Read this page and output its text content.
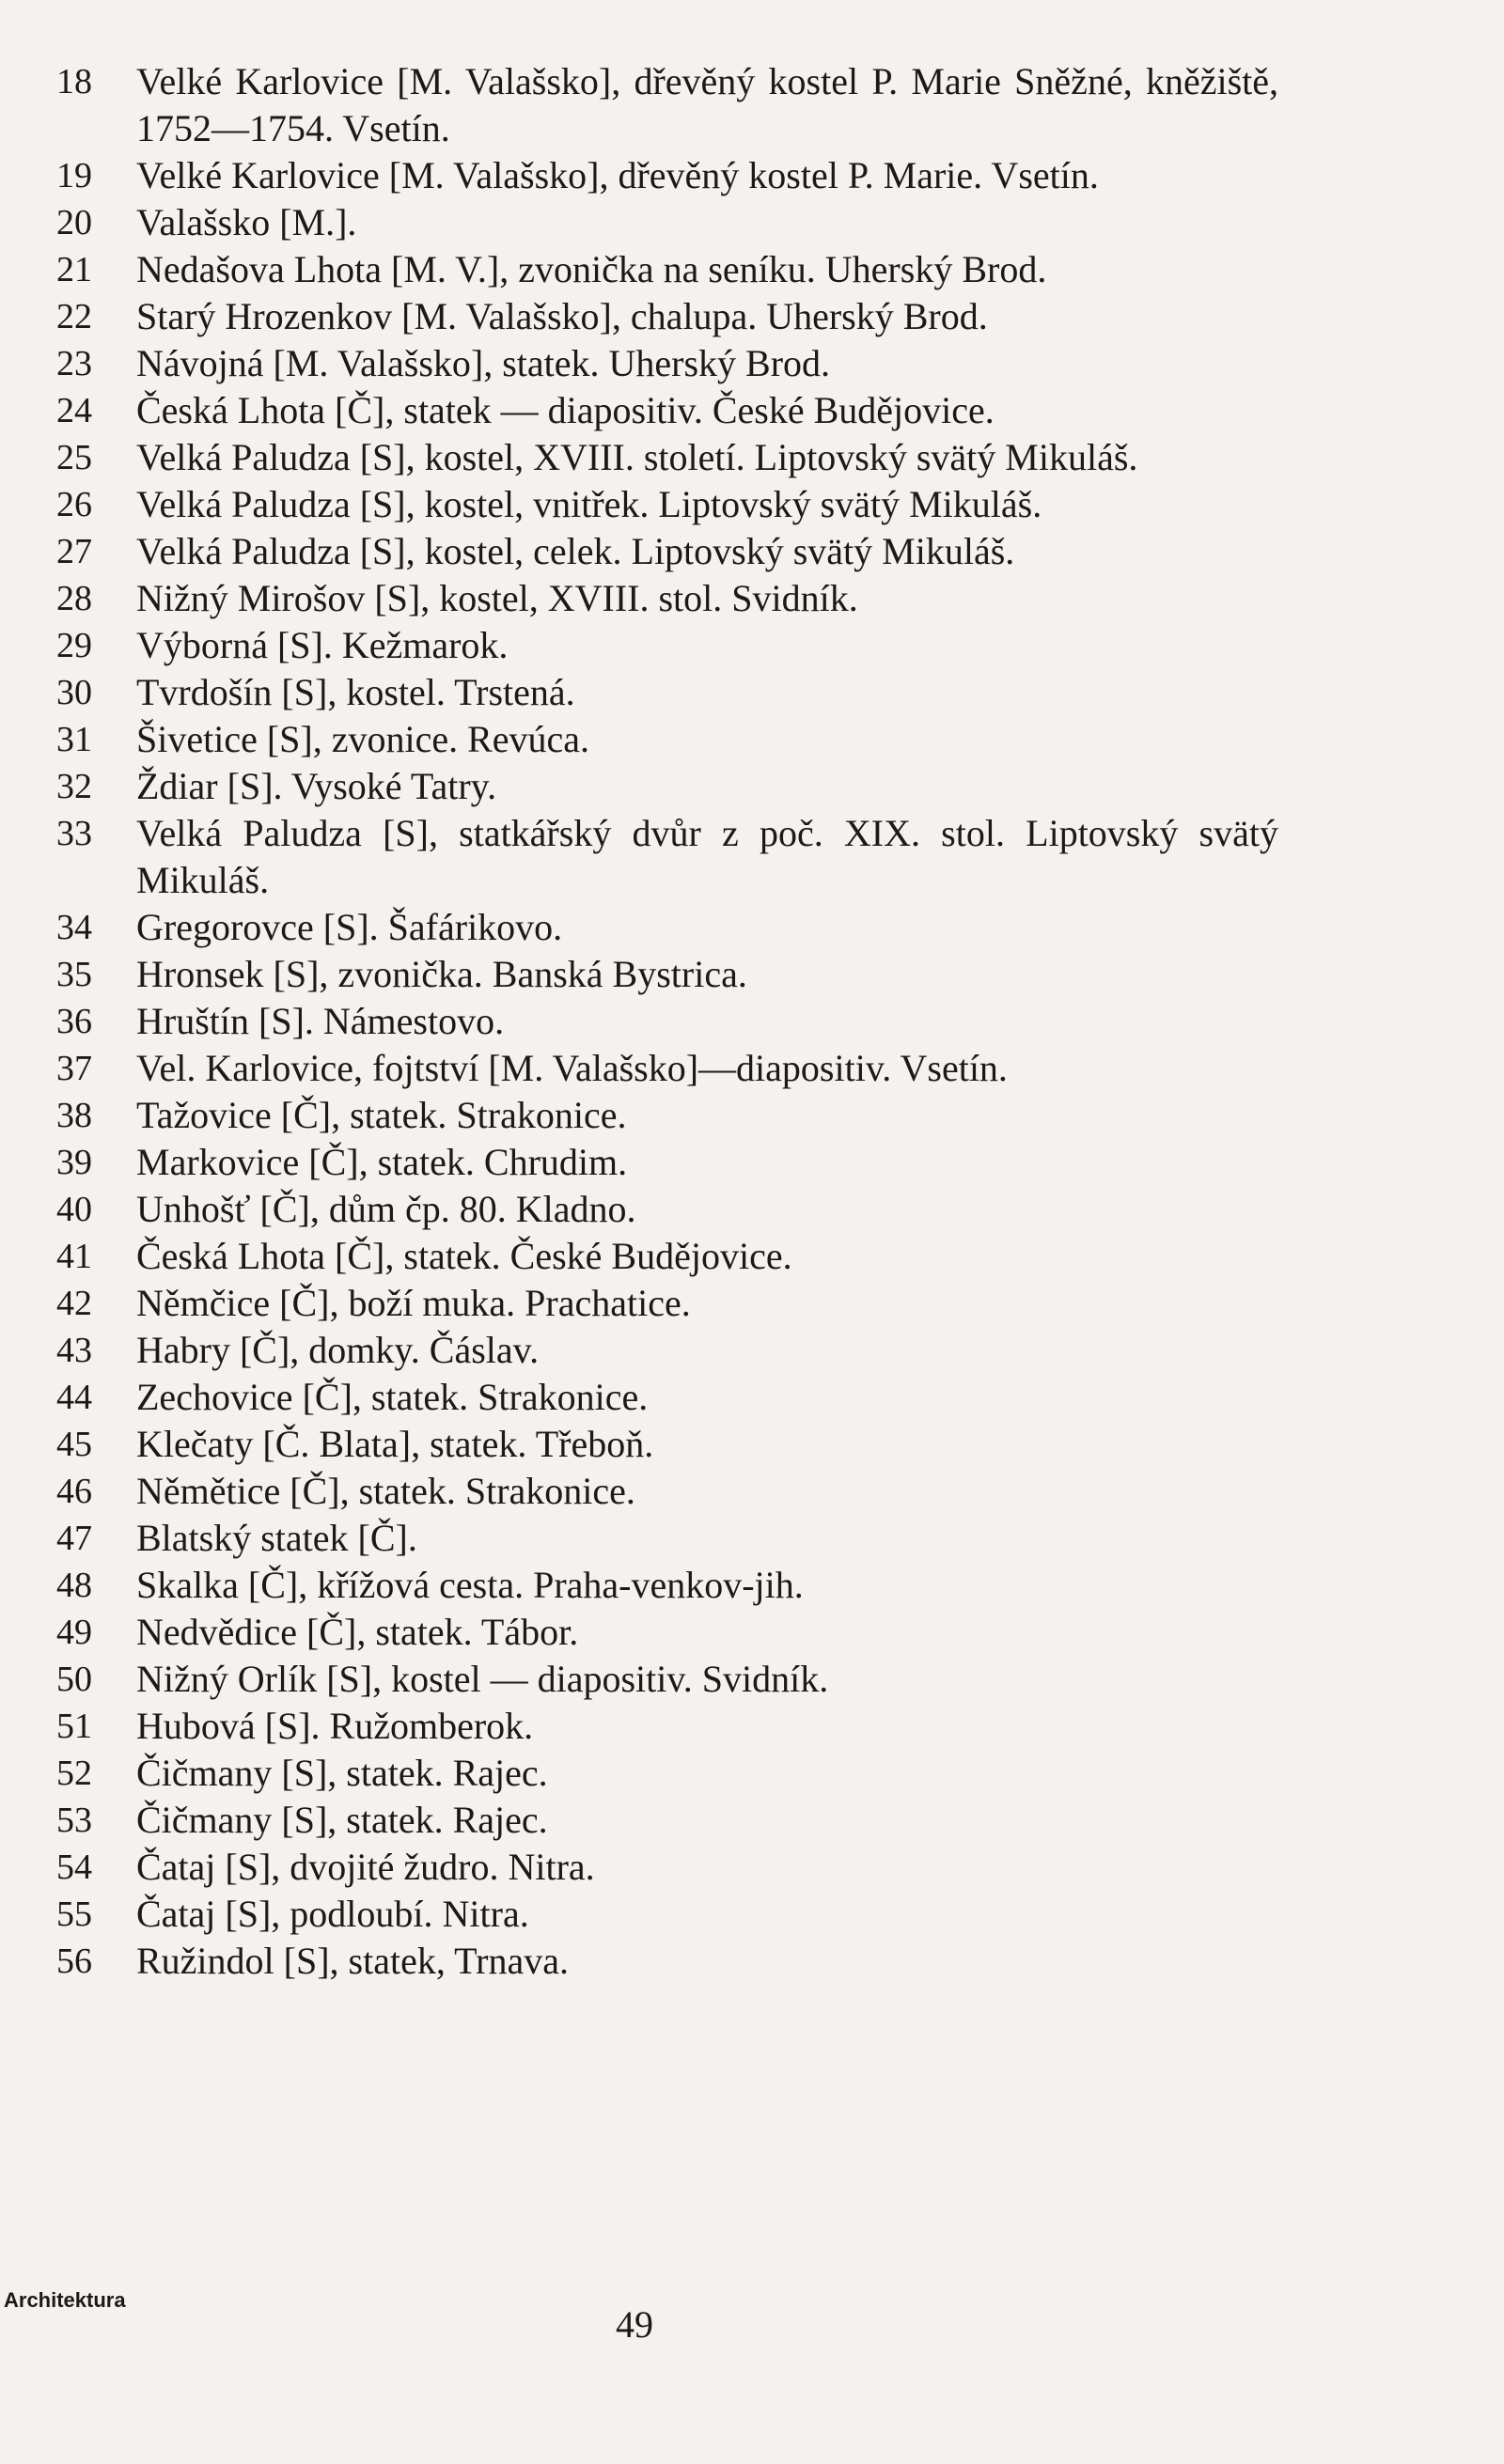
18	Velké Karlovice [M. Valašsko], dřevěný kostel P. Marie Sněžné, kněžiště, 1752—1754. Vsetín.
19	Velké Karlovice [M. Valašsko], dřevěný kostel P. Marie. Vsetín.
20	Valašsko [M.].
21	Nedašova Lhota [M. V.], zvonička na seníku. Uherský Brod.
22	Starý Hrozenkov [M. Valašsko], chalupa. Uherský Brod.
23	Návojná [M. Valašsko], statek. Uherský Brod.
24	Česká Lhota [Č], statek — diapositiv. České Budějovice.
25	Velká Paludza [S], kostel, XVIII. století. Liptovský svätý Mikuláš.
26	Velká Paludza [S], kostel, vnitřek. Liptovský svätý Mikuláš.
27	Velká Paludza [S], kostel, celek. Liptovský svätý Mikuláš.
28	Nižný Mirošov [S], kostel, XVIII. stol. Svidník.
29	Výborná [S]. Kežmarok.
30	Tvrdošín [S], kostel. Trstená.
31	Šivetice [S], zvonice. Revúca.
32	Ždiar [S]. Vysoké Tatry.
33	Velká Paludza [S], statkářský dvůr z poč. XIX. stol. Liptovský svätý Mikuláš.
34	Gregorovce [S]. Šafárikovo.
35	Hronsek [S], zvonička. Banská Bystrica.
36	Hruštín [S]. Námestovo.
37	Vel. Karlovice, fojtství [M. Valašsko]—diapositiv. Vsetín.
38	Tažovice [Č], statek. Strakonice.
39	Markovice [Č], statek. Chrudim.
40	Unhošť [Č], dům čp. 80. Kladno.
41	Česká Lhota [Č], statek. České Budějovice.
42	Němčice [Č], boží muka. Prachatice.
43	Habry [Č], domky. Čáslav.
44	Zechovice [Č], statek. Strakonice.
45	Klečaty [Č. Blata], statek. Třeboň.
46	Němětice [Č], statek. Strakonice.
47	Blatský statek [Č].
48	Skalka [Č], křížová cesta. Praha-venkov-jih.
49	Nedvědice [Č], statek. Tábor.
50	Nižný Orlík [S], kostel — diapositiv. Svidník.
51	Hubová [S]. Ružomberok.
52	Čičmany [S], statek. Rajec.
53	Čičmany [S], statek. Rajec.
54	Čataj [S], dvojité žudro. Nitra.
55	Čataj [S], podloubí. Nitra.
56	Ružindol [S], statek, Trnava.
Architektura
49
